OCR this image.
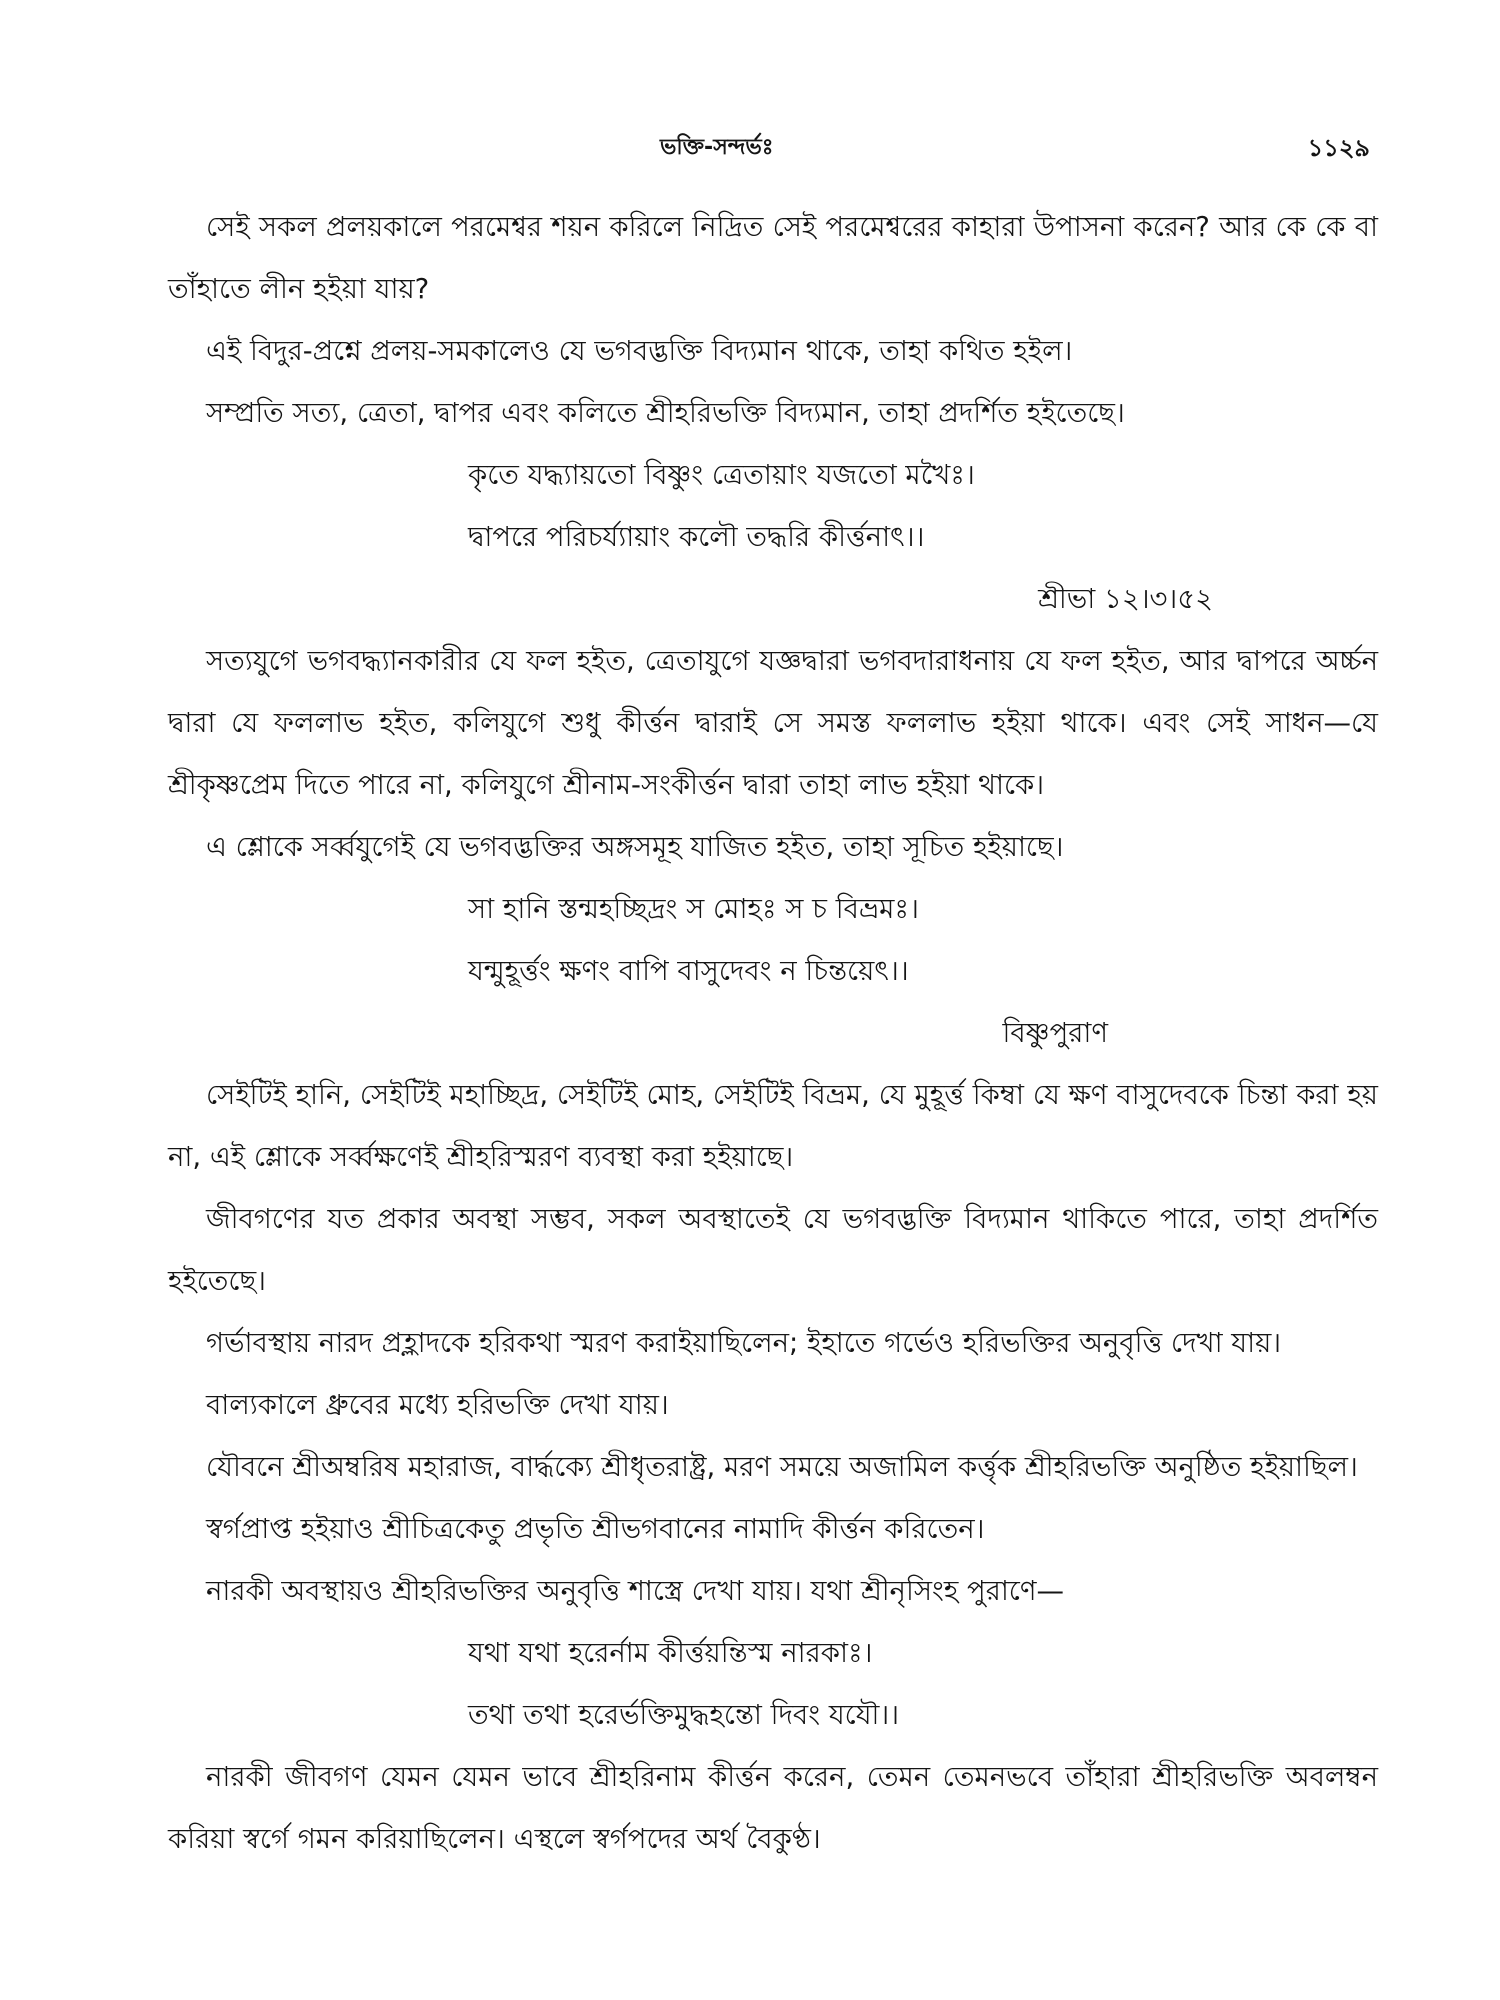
ভক্তি-সন্দর্ভঃ	১১২৯

সেই সকল প্রলয়কালে পরমেশ্বর শয়ন করিলে নিদ্রিত সেই পরমেশ্বরের কাহারা উপাসনা করেন? আর কে কে বা তাঁহাতে লীন হইয়া যায়?

এই বিদুর-প্রশ্নে প্রলয়-সমকালেও যে ভগবদ্ভক্তি বিদ্যমান থাকে, তাহা কথিত হইল।

সম্প্রতি সত্য, ত্রেতা, দ্বাপর এবং কলিতে শ্রীহরিভক্তি বিদ্যমান, তাহা প্রদর্শিত হইতেছে।

কৃতে যদ্ধ্যায়তো বিষ্ণুং ত্রেতায়াং যজতো মখৈঃ।

দ্বাপরে পরিচর্য্যায়াং কলৌ তদ্ধরি কীর্ত্তনাৎ।।

শ্রীভা ১২।৩।৫২

সত্যযুগে ভগবদ্ধ্যানকারীর যে ফল হইত, ত্রেতাযুগে যজ্ঞদ্বারা ভগবদারাধনায় যে ফল হইত, আর দ্বাপরে অর্চ্চন দ্বারা যে ফললাভ হইত, কলিযুগে শুধু কীর্ত্তন দ্বারাই সে সমস্ত ফললাভ হইয়া থাকে। এবং সেই সাধন—যে শ্রীকৃষ্ণপ্রেম দিতে পারে না, কলিযুগে শ্রীনাম-সংকীর্ত্তন দ্বারা তাহা লাভ হইয়া থাকে।

এ শ্লোকে সর্ব্বযুগেই যে ভগবদ্ভক্তির অঙ্গসমূহ যাজিত হইত, তাহা সূচিত হইয়াছে।

সা হানি স্তন্মহচ্ছিদ্রং স মোহঃ স চ বিভ্রমঃ।

যন্মুহূর্ত্তং ক্ষণং বাপি বাসুদেবং ন চিন্তয়েৎ।।

বিষ্ণুপুরাণ

সেইটিই হানি, সেইটিই মহাচ্ছিদ্র, সেইটিই মোহ, সেইটিই বিভ্রম, যে মুহূর্ত্ত কিম্বা যে ক্ষণ বাসুদেবকে চিন্তা করা হয় না, এই শ্লোকে সর্ব্বক্ষণেই শ্রীহরিস্মরণ ব্যবস্থা করা হইয়াছে।

জীবগণের যত প্রকার অবস্থা সম্ভব, সকল অবস্থাতেই যে ভগবদ্ভক্তি বিদ্যমান থাকিতে পারে, তাহা প্রদর্শিত হইতেছে।

গর্ভাবস্থায় নারদ প্রহ্লাদকে হরিকথা স্মরণ করাইয়াছিলেন; ইহাতে গর্ভেও হরিভক্তির অনুবৃত্তি দেখা যায়।

বাল্যকালে ধ্রুবের মধ্যে হরিভক্তি দেখা যায়।

যৌবনে শ্রীঅম্বরিষ মহারাজ, বার্দ্ধক্যে শ্রীধৃতরাষ্ট্র, মরণ সময়ে অজামিল কর্ত্তৃক শ্রীহরিভক্তি অনুষ্ঠিত হইয়াছিল।

স্বর্গপ্রাপ্ত হইয়াও শ্রীচিত্রকেতু প্রভৃতি শ্রীভগবানের নামাদি কীর্ত্তন করিতেন।

নারকী অবস্থায়ও শ্রীহরিভক্তির অনুবৃত্তি শাস্ত্রে দেখা যায়। যথা শ্রীনৃসিংহ পুরাণে—

যথা যথা হরের্নাম কীর্ত্তয়ন্তিস্ম নারকাঃ।

তথা তথা হরের্ভক্তিমুদ্ধহন্তো দিবং যযৌ।।

নারকী জীবগণ যেমন যেমন ভাবে শ্রীহরিনাম কীর্ত্তন করেন, তেমন তেমনভবে তাঁহারা শ্রীহরিভক্তি অবলম্বন করিয়া স্বর্গে গমন করিয়াছিলেন। এস্থলে স্বর্গপদের অর্থ বৈকুণ্ঠ।
